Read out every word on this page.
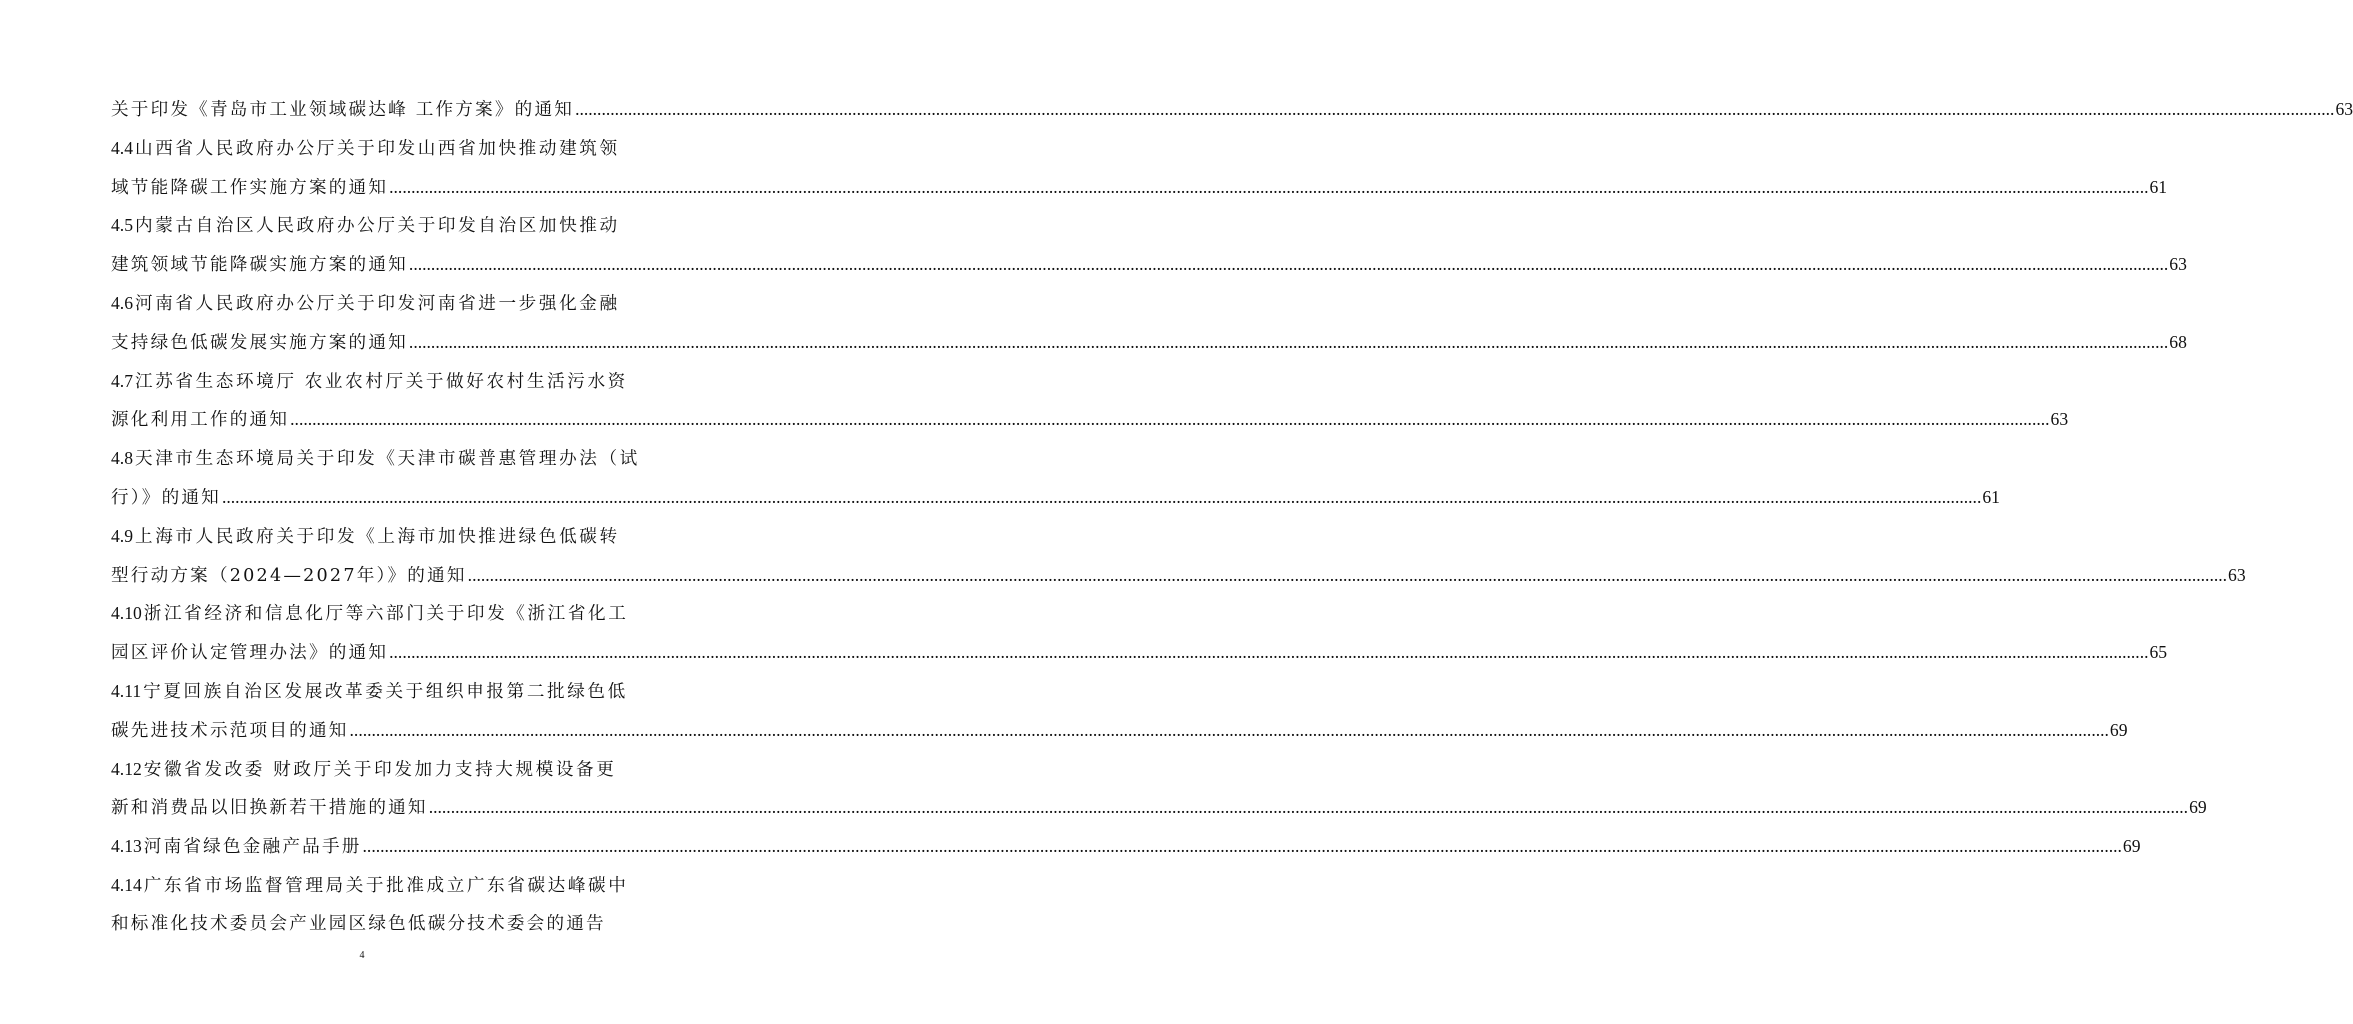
关于印发《青岛市工业领域碳达峰 工作方案》的通知 ................................................................................................................................................................................................................................................................................................................................................................................................................ 63
4.4 山西省人民政府办公厅关于印发山西省加快推动建筑领
域节能降碳工作实施方案的通知 ................................................................................................................................................................................................................................................................................................................................................................................................................ 61
4.5 内蒙古自治区人民政府办公厅关于印发自治区加快推动
建筑领域节能降碳实施方案的通知 ................................................................................................................................................................................................................................................................................................................................................................................................................ 63
4.6 河南省人民政府办公厅关于印发河南省进一步强化金融
支持绿色低碳发展实施方案的通知 ................................................................................................................................................................................................................................................................................................................................................................................................................ 68
4.7 江苏省生态环境厅 农业农村厅关于做好农村生活污水资
源化利用工作的通知 ................................................................................................................................................................................................................................................................................................................................................................................................................ 63
4.8 天津市生态环境局关于印发《天津市碳普惠管理办法（试
行）》的通知 ................................................................................................................................................................................................................................................................................................................................................................................................................ 61
4.9 上海市人民政府关于印发《上海市加快推进绿色低碳转
型行动方案（2024—2027年）》的通知 ................................................................................................................................................................................................................................................................................................................................................................................................................ 63
4.10 浙江省经济和信息化厅等六部门关于印发《浙江省化工
园区评价认定管理办法》的通知 ................................................................................................................................................................................................................................................................................................................................................................................................................ 65
4.11 宁夏回族自治区发展改革委关于组织申报第二批绿色低
碳先进技术示范项目的通知 ................................................................................................................................................................................................................................................................................................................................................................................................................ 69
4.12 安徽省发改委 财政厅关于印发加力支持大规模设备更
新和消费品以旧换新若干措施的通知 ................................................................................................................................................................................................................................................................................................................................................................................................................ 69
4.13 河南省绿色金融产品手册 ................................................................................................................................................................................................................................................................................................................................................................................................................ 69
4.14 广东省市场监督管理局关于批准成立广东省碳达峰碳中
和标准化技术委员会产业园区绿色低碳分技术委会的通告
4
